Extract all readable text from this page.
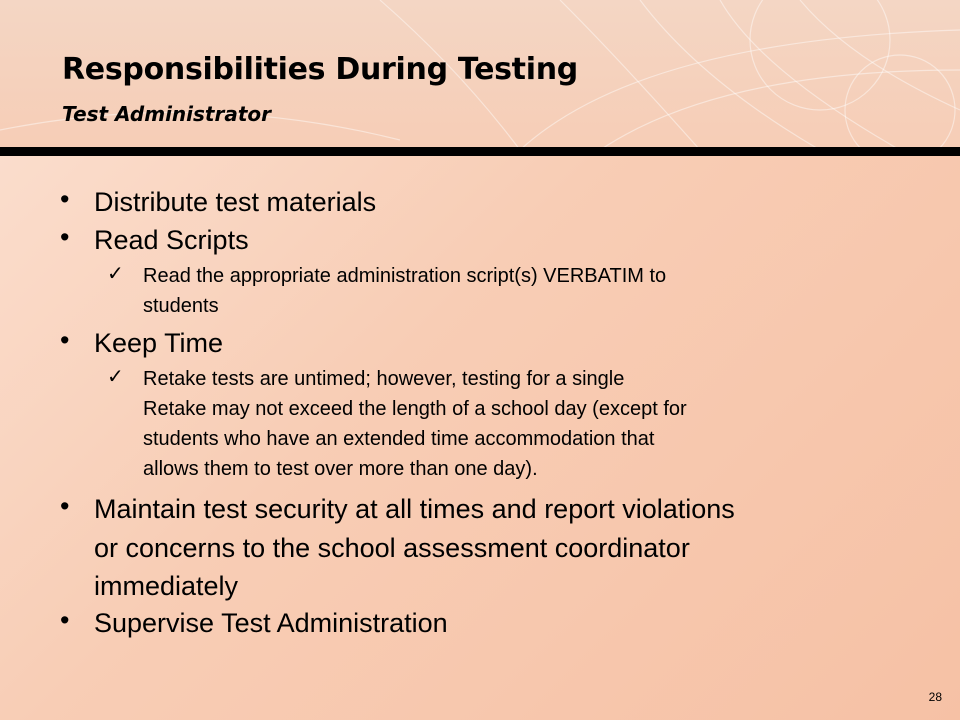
Responsibilities During Testing
Test Administrator
• Distribute test materials
• Read Scripts
✓ Read the appropriate administration script(s) VERBATIM to
students
• Keep Time
✓ Retake tests are untimed; however, testing for a single
Retake may not exceed the length of a school day (except for
students who have an extended time accommodation that
allows them to test over more than one day).
• Maintain test security at all times and report violations
or concerns to the school assessment coordinator
immediately
• Supervise Test Administration
28
